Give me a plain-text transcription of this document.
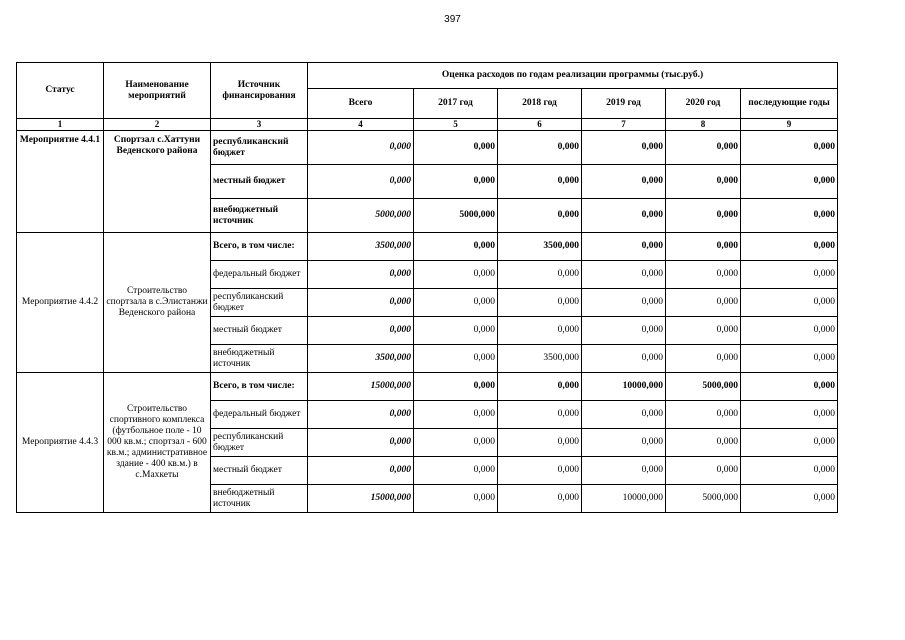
397
Статус	Наименование мероприятий	Источник финансирования	Оценка расходов по годам реализации программы (тыс.руб.)					
			Всего	2017 год	2018 год	2019 год	2020 год	последующие годы
1	2	3	4	5	6	7	8	9
Мероприятие 4.4.1	Спортзал с.Хаттуни Веденского района	республиканский бюджет	0,000	0,000	0,000	0,000	0,000	0,000
		местный бюджет	0,000	0,000	0,000	0,000	0,000	0,000
		внебюджетный источник	5000,000	5000,000	0,000	0,000	0,000	0,000
Мероприятие 4.4.2	Строительство спортзала в с.Элистанжи Веденского района	Всего, в том числе:	3500,000	0,000	3500,000	0,000	0,000	0,000
		федеральный бюджет	0,000	0,000	0,000	0,000	0,000	0,000
		республиканский бюджет	0,000	0,000	0,000	0,000	0,000	0,000
		местный бюджет	0,000	0,000	0,000	0,000	0,000	0,000
		внебюджетный источник	3500,000	0,000	3500,000	0,000	0,000	0,000
Мероприятие 4.4.3	Строительство спортивного комплекса (футбольное поле - 10 000 кв.м.; спортзал - 600 кв.м.; административное здание - 400 кв.м.) в с.Махкеты	Всего, в том числе:	15000,000	0,000	0,000	10000,000	5000,000	0,000
		федеральный бюджет	0,000	0,000	0,000	0,000	0,000	0,000
		республиканский бюджет	0,000	0,000	0,000	0,000	0,000	0,000
		местный бюджет	0,000	0,000	0,000	0,000	0,000	0,000
		внебюджетный источник	15000,000	0,000	0,000	10000,000	5000,000	0,000
